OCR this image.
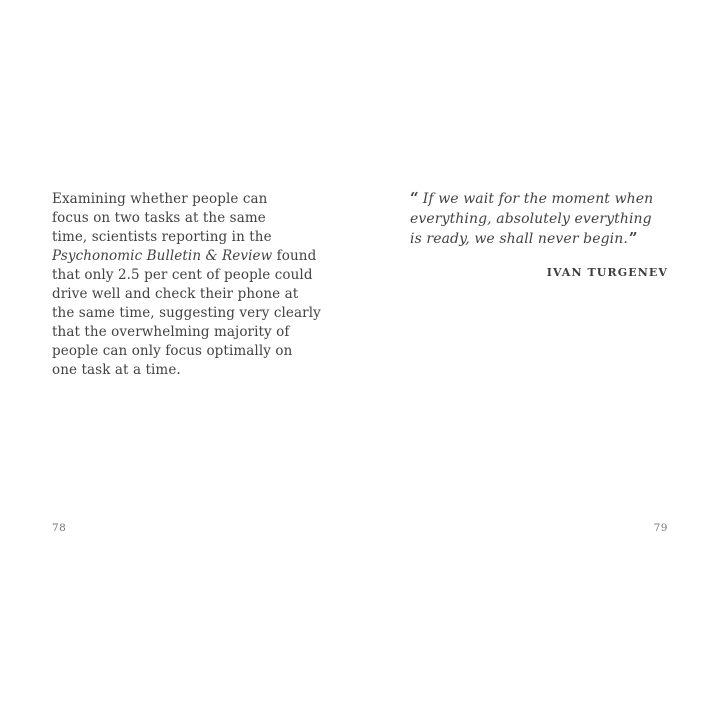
Examining whether people can
focus on two tasks at the same
time, scientists reporting in the
Psychonomic Bulletin & Review found
that only 2.5 per cent of people could
drive well and check their phone at
the same time, suggesting very clearly
that the overwhelming majority of
people can only focus optimally on
one task at a time.
“ If we wait for the moment when
everything, absolutely everything
is ready, we shall never begin.”
IVAN TURGENEV
78	79
